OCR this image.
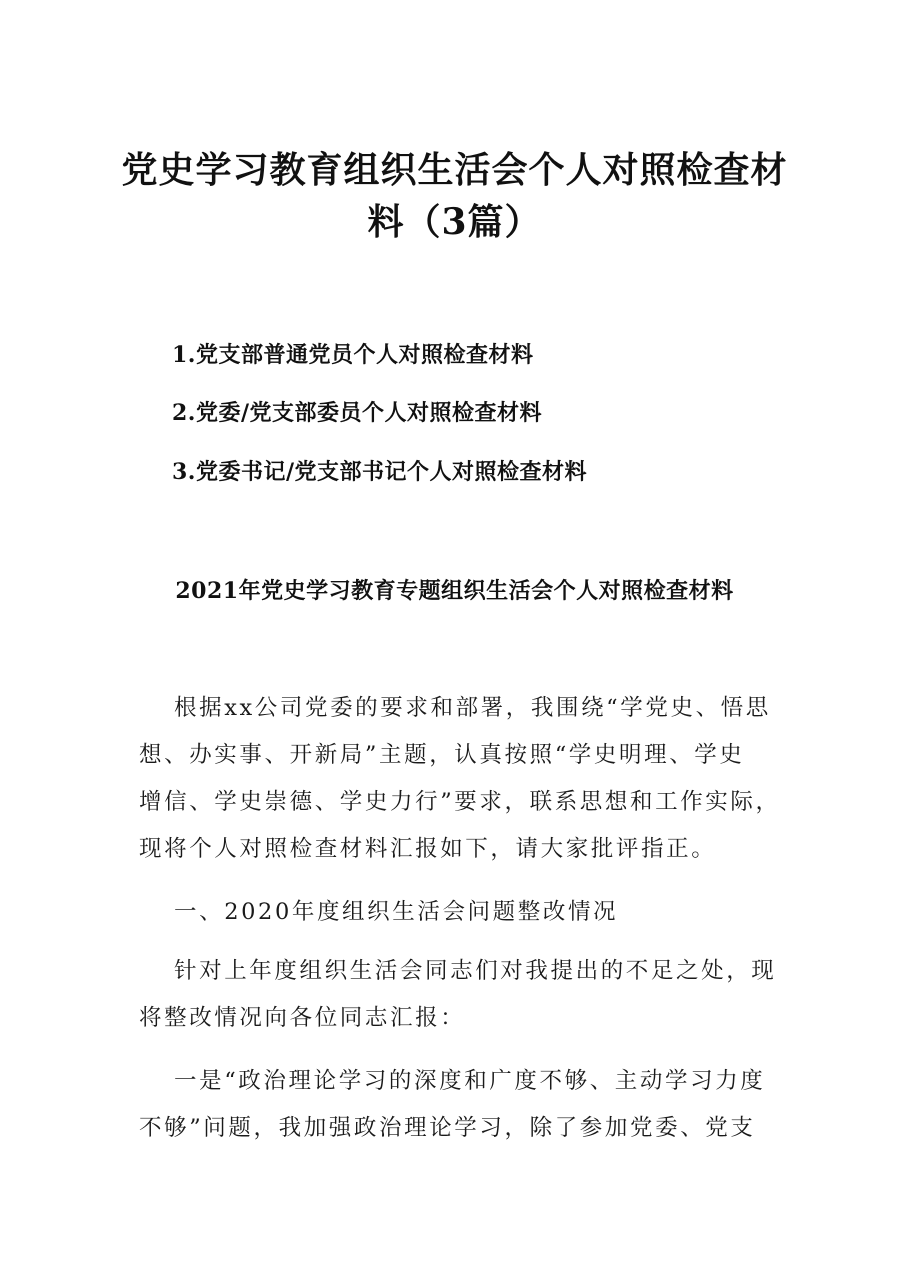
党史学习教育组织生活会个人对照检查材
料（3篇）
1.党支部普通党员个人对照检查材料
2.党委/党支部委员个人对照检查材料
3.党委书记/党支部书记个人对照检查材料
2021年党史学习教育专题组织生活会个人对照检查材料
根据xx公司党委的要求和部署，我围绕“学党史、悟思
想、办实事、开新局”主题，认真按照“学史明理、学史
增信、学史崇德、学史力行”要求，联系思想和工作实际，
现将个人对照检查材料汇报如下，请大家批评指正。
一、2020年度组织生活会问题整改情况
针对上年度组织生活会同志们对我提出的不足之处，现
将整改情况向各位同志汇报：
一是“政治理论学习的深度和广度不够、主动学习力度
不够”问题，我加强政治理论学习，除了参加党委、党支
